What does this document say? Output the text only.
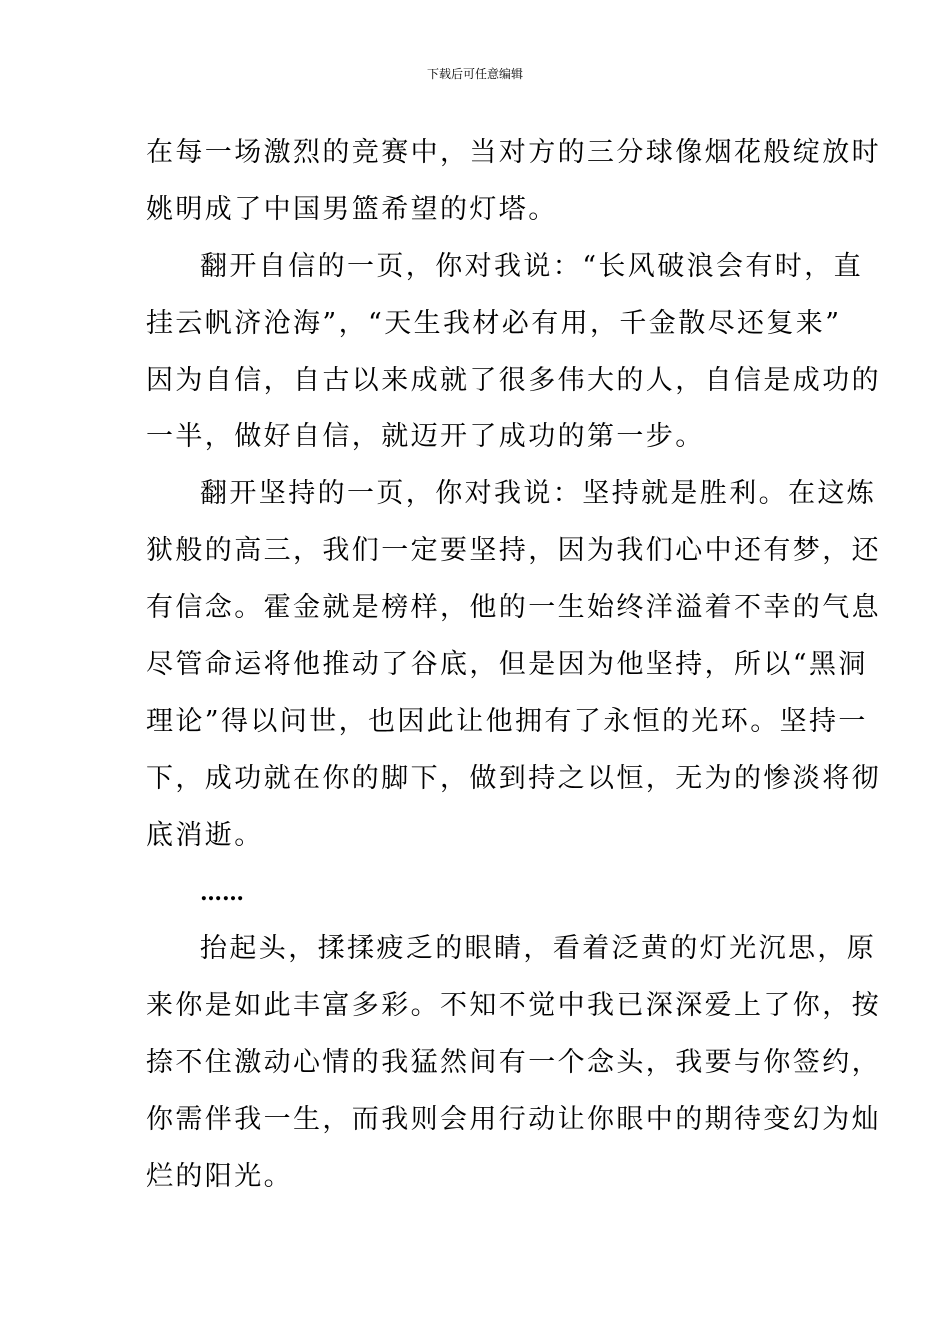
下载后可任意编辑
在每一场激烈的竞赛中，当对方的三分球像烟花般绽放时
姚明成了中国男篮希望的灯塔。
翻开自信的一页，你对我说：“长风破浪会有时，直
挂云帆济沧海”，“天生我材必有用，千金散尽还复来”
因为自信，自古以来成就了很多伟大的人，自信是成功的
一半，做好自信，就迈开了成功的第一步。
翻开坚持的一页，你对我说：坚持就是胜利。在这炼
狱般的高三，我们一定要坚持，因为我们心中还有梦，还
有信念。霍金就是榜样，他的一生始终洋溢着不幸的气息
尽管命运将他推动了谷底，但是因为他坚持，所以“黑洞
理论”得以问世，也因此让他拥有了永恒的光环。坚持一
下，成功就在你的脚下，做到持之以恒，无为的惨淡将彻
底消逝。
……
抬起头，揉揉疲乏的眼睛，看着泛黄的灯光沉思，原
来你是如此丰富多彩。不知不觉中我已深深爱上了你，按
捺不住激动心情的我猛然间有一个念头，我要与你签约，
你需伴我一生，而我则会用行动让你眼中的期待变幻为灿
烂的阳光。
